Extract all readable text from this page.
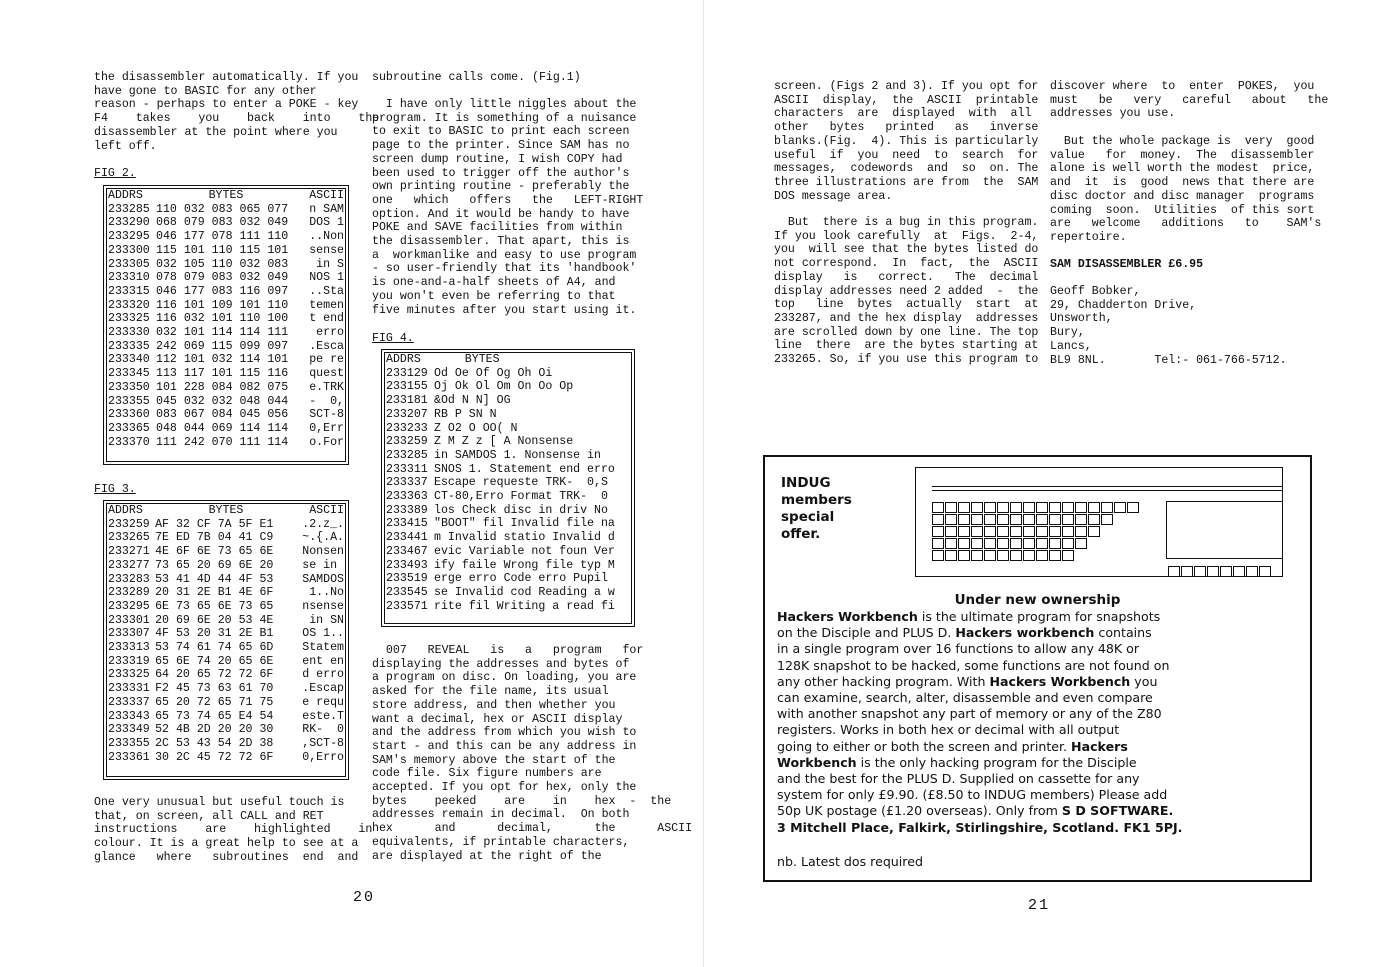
the disassembler automatically. If you
have gone to BASIC for any other
reason - perhaps to enter a POKE - key
F4    takes    you    back    into    the
disassembler at the point where you
left off.
FIG 2.
ADDRS	BYTES	ASCII
233285 110 032 083 065 077	n SAM
233290 068 079 083 032 049	DOS 1
233295 046 177 078 111 110	..Non
233300 115 101 110 115 101	sense
233305 032 105 110 032 083	in S
233310 078 079 083 032 049	NOS 1
233315 046 177 083 116 097	..Sta
233320 116 101 109 101 110	temen
233325 116 032 101 110 100	t end
233330 032 101 114 114 111	erro
233335 242 069 115 099 097	.Esca
233340 112 101 032 114 101	pe re
233345 113 117 101 115 116	quest
233350 101 228 084 082 075	e.TRK
233355 045 032 032 048 044	-  0,
233360 083 067 084 045 056	SCT-8
233365 048 044 069 114 114	0,Err
233370 111 242 070 111 114	o.For
FIG 3.
ADDRS	BYTES	ASCII
233259 AF 32 CF 7A 5F E1	.2.z_.
233265 7E ED 7B 04 41 C9	~.{.A.
233271 4E 6F 6E 73 65 6E	Nonsen
233277 73 65 20 69 6E 20	se in
233283 53 41 4D 44 4F 53	SAMDOS
233289 20 31 2E B1 4E 6F	1..No
233295 6E 73 65 6E 73 65	nsense
233301 20 69 6E 20 53 4E	in SN
233307 4F 53 20 31 2E B1	OS 1..
233313 53 74 61 74 65 6D	Statem
233319 65 6E 74 20 65 6E	ent en
233325 64 20 65 72 72 6F	d erro
233331 F2 45 73 63 61 70	.Escap
233337 65 20 72 65 71 75	e requ
233343 65 73 74 65 E4 54	este.T
233349 52 4B 2D 20 20 30	RK-  0
233355 2C 53 43 54 2D 38	,SCT-8
233361 30 2C 45 72 72 6F	0,Erro
One very unusual but useful touch is
that, on screen, all CALL and RET
instructions    are    highlighted    in
colour. It is a great help to see at a
glance   where   subroutines  end  and
subroutine calls come. (Fig.1)
I have only little niggles about the
program. It is something of a nuisance
to exit to BASIC to print each screen
page to the printer. Since SAM has no
screen dump routine, I wish COPY had
been used to trigger off the author's
own printing routine - preferably the
one   which   offers   the   LEFT-RIGHT
option. And it would be handy to have
POKE and SAVE facilities from within
the disassembler. That apart, this is
a  workmanlike and easy to use program
- so user-friendly that its 'handbook'
is one-and-a-half sheets of A4, and
you won't even be referring to that
five minutes after you start using it.
FIG 4.
ADDRS	BYTES
233129 Od Oe Of Og Oh Oi
233155 Oj Ok Ol Om On Oo Op
233181 &Od N N] OG
233207 RB P SN N
233233 Z O2 O OO( N
233259 Z M Z z [ A Nonsense
233285 in SAMDOS 1. Nonsense in
233311 SNOS 1. Statement end erro
233337 Escape requeste TRK-  0,S
233363 CT-80,Erro Format TRK-  0
233389 los Check disc in driv No
233415 "BOOT" fil Invalid file na
233441 m Invalid statio Invalid d
233467 evic Variable not foun Ver
233493 ify faile Wrong file typ M
233519 erge erro Code erro Pupil
233545 se Invalid cod Reading a w
233571 rite fil Writing a read fi
007   REVEAL   is   a   program   for
displaying the addresses and bytes of
a program on disc. On loading, you are
asked for the file name, its usual
store address, and then whether you
want a decimal, hex or ASCII display
and the address from which you wish to
start - and this can be any address in
SAM's memory above the start of the
code file. Six figure numbers are
accepted. If you opt for hex, only the
bytes    peeked    are    in    hex  -  the
addresses remain in decimal.  On both
hex      and      decimal,      the      ASCII
equivalents, if printable characters,
are displayed at the right of the
20
screen. (Figs 2 and 3). If you opt for
ASCII  display,  the  ASCII  printable
characters  are  displayed  with  all
other   bytes   printed   as   inverse
blanks.(Fig.  4). This is particularly
useful  if  you  need  to  search  for
messages,  codewords  and  so  on. The
three illustrations are from  the  SAM
DOS message area.
But  there is a bug in this program.
If you look carefully  at  Figs.  2-4,
you  will see that the bytes listed do
not correspond.  In  fact,  the  ASCII
display   is   correct.   The  decimal
display addresses need 2 added  -  the
top   line  bytes  actually  start  at
233287, and the hex display  addresses
are scrolled down by one line. The top
line  there  are the bytes starting at
233265. So, if you use this program to
discover where  to  enter  POKES,  you
must   be   very   careful   about   the
addresses you use.
But the whole package is  very  good
value   for  money.  The  disassembler
alone is well worth the modest  price,
and  it  is  good  news that there are
disc doctor and disc manager  programs
coming  soon.  Utilities  of this sort
are   welcome   additions   to    SAM's
repertoire.
SAM DISASSEMBLER £6.95
Geoff Bobker,
29, Chadderton Drive,
Unsworth,
Bury,
Lancs,
BL9 8NL.       Tel:- 061-766-5712.
INDUG
members
special
offer.
Under new ownership
Hackers Workbench is the ultimate program for snapshots
on the Disciple and PLUS D. Hackers workbench contains
in a single program over 16 functions to allow any 48K or
128K snapshot to be hacked, some functions are not found on
any other hacking program. With Hackers Workbench you
can examine, search, alter, disassemble and even compare
with another snapshot any part of memory or any of the Z80
registers. Works in both hex or decimal with all output
going to either or both the screen and printer. Hackers
Workbench is the only hacking program for the Disciple
and the best for the PLUS D. Supplied on cassette for any
system for only £9.90. (£8.50 to INDUG members) Please add
50p UK postage (£1.20 overseas). Only from S D SOFTWARE.
3 Mitchell Place, Falkirk, Stirlingshire, Scotland. FK1 5PJ.
nb. Latest dos required
21
